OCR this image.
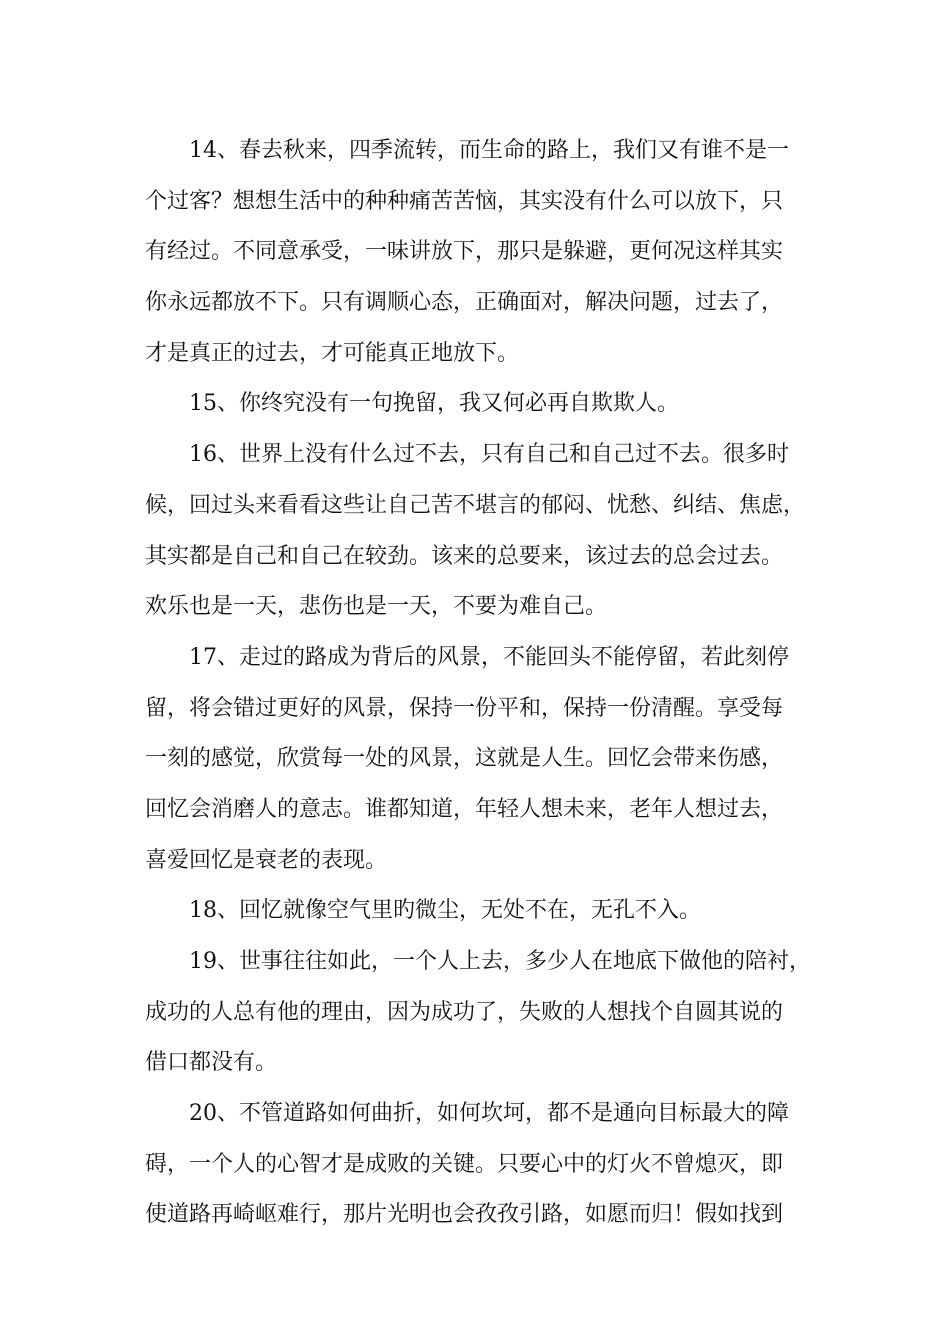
14、春去秋来，四季流转，而生命的路上，我们又有谁不是一
个过客？想想生活中的种种痛苦苦恼，其实没有什么可以放下，只
有经过。不同意承受，一味讲放下，那只是躲避，更何况这样其实
你永远都放不下。只有调顺心态，正确面对，解决问题，过去了，
才是真正的过去，才可能真正地放下。
15、你终究没有一句挽留，我又何必再自欺欺人。
16、世界上没有什么过不去，只有自己和自己过不去。很多时
候，回过头来看看这些让自己苦不堪言的郁闷、忧愁、纠结、焦虑，
其实都是自己和自己在较劲。该来的总要来，该过去的总会过去。
欢乐也是一天，悲伤也是一天，不要为难自己。
17、走过的路成为背后的风景，不能回头不能停留，若此刻停
留，将会错过更好的风景，保持一份平和，保持一份清醒。享受每
一刻的感觉，欣赏每一处的风景，这就是人生。回忆会带来伤感，
回忆会消磨人的意志。谁都知道，年轻人想未来，老年人想过去，
喜爱回忆是衰老的表现。
18、回忆就像空气里旳微尘，无处不在，无孔不入。
19、世事往往如此，一个人上去，多少人在地底下做他的陪衬，
成功的人总有他的理由，因为成功了，失败的人想找个自圆其说的
借口都没有。
20、不管道路如何曲折，如何坎坷，都不是通向目标最大的障
碍，一个人的心智才是成败的关键。只要心中的灯火不曾熄灭，即
使道路再崎岖难行，那片光明也会孜孜引路，如愿而归！假如找到
